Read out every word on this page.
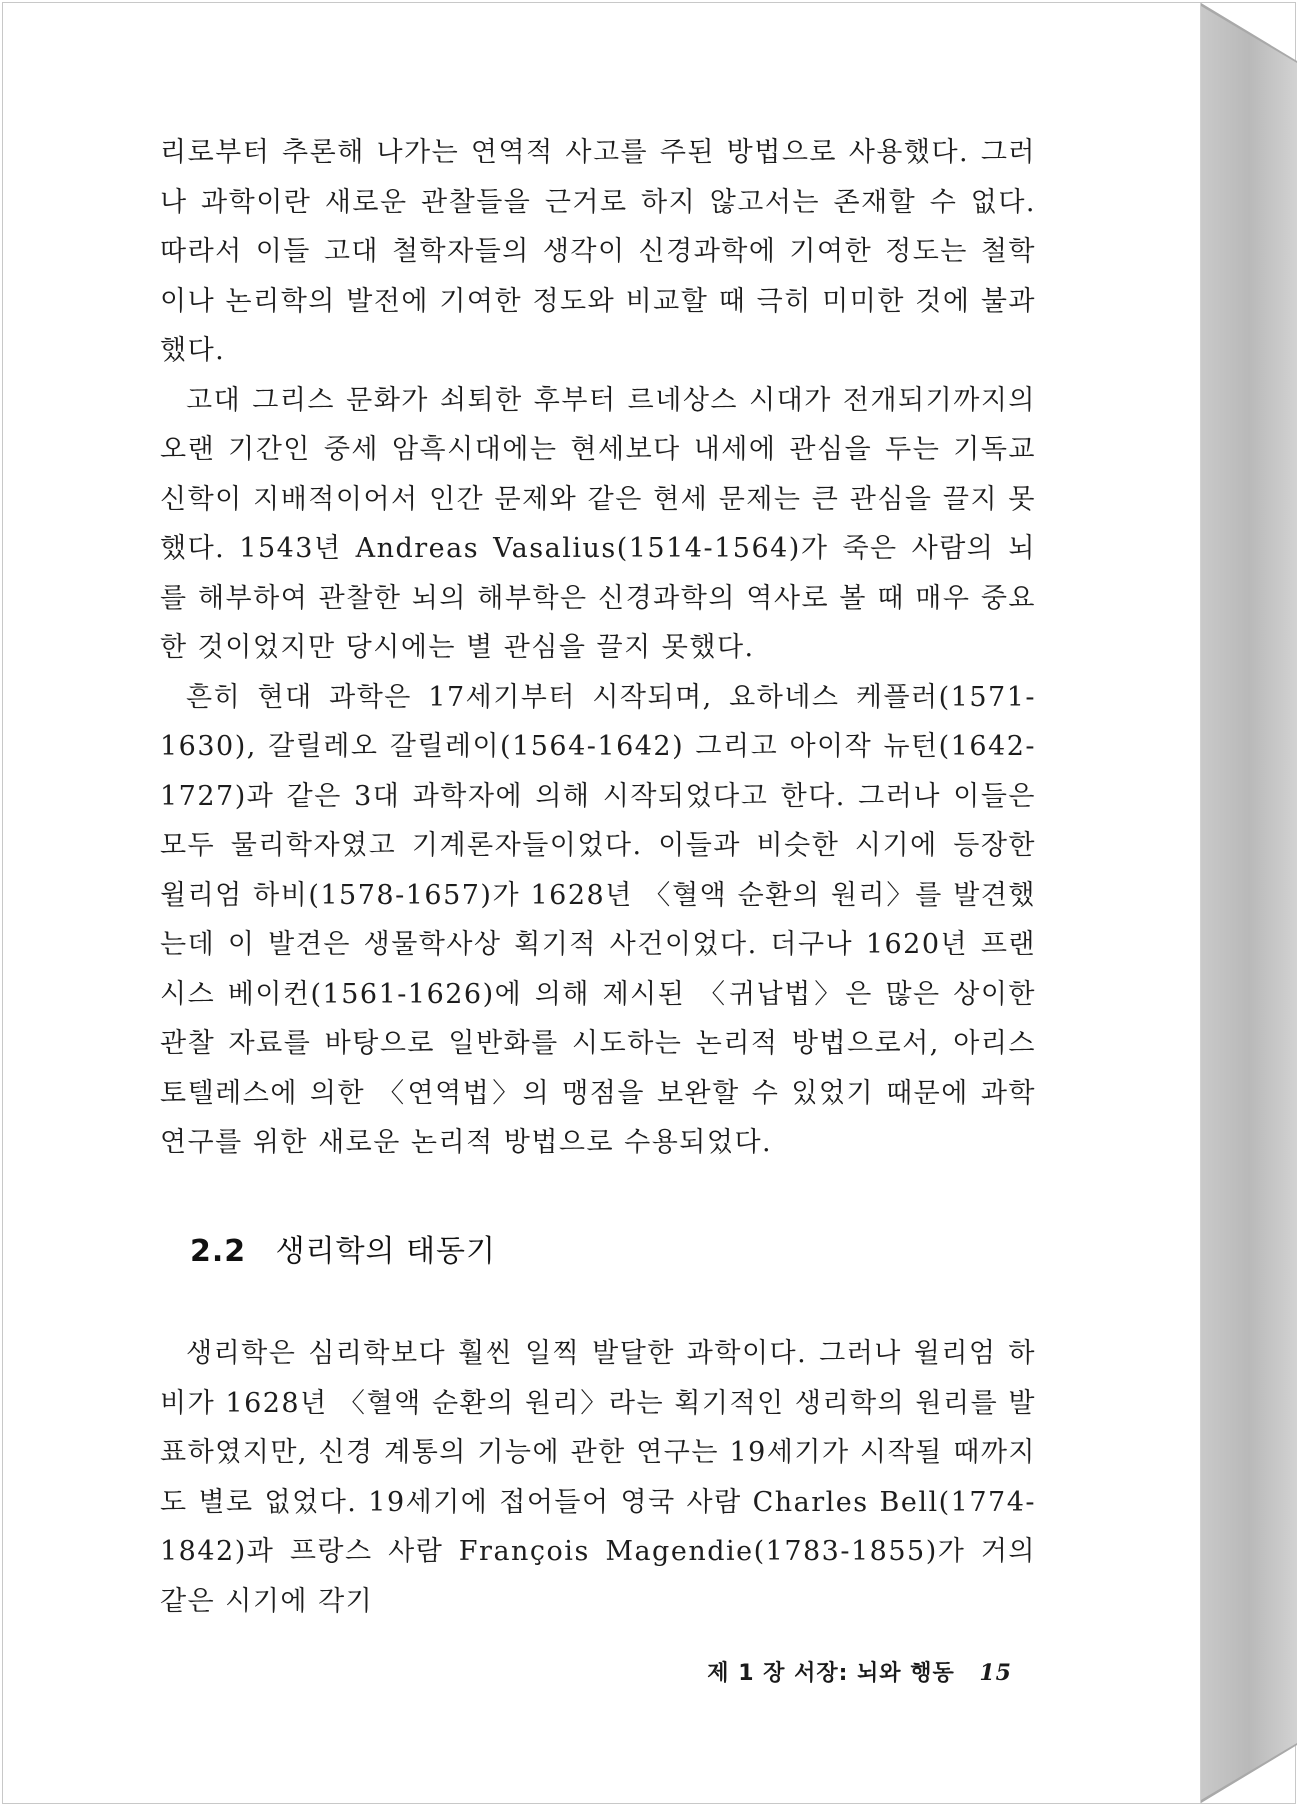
리로부터 추론해 나가는 연역적 사고를 주된 방법으로 사용했다. 그러나 과학이란 새로운 관찰들을 근거로 하지 않고서는 존재할 수 없다. 따라서 이들 고대 철학자들의 생각이 신경과학에 기여한 정도는 철학이나 논리학의 발전에 기여한 정도와 비교할 때 극히 미미한 것에 불과했다.

고대 그리스 문화가 쇠퇴한 후부터 르네상스 시대가 전개되기까지의 오랜 기간인 중세 암흑시대에는 현세보다 내세에 관심을 두는 기독교 신학이 지배적이어서 인간 문제와 같은 현세 문제는 큰 관심을 끌지 못했다. 1543년 Andreas Vasalius(1514-1564)가 죽은 사람의 뇌를 해부하여 관찰한 뇌의 해부학은 신경과학의 역사로 볼 때 매우 중요한 것이었지만 당시에는 별 관심을 끌지 못했다.

흔히 현대 과학은 17세기부터 시작되며, 요하네스 케플러(1571-1630), 갈릴레오 갈릴레이(1564-1642) 그리고 아이작 뉴턴(1642-1727)과 같은 3대 과학자에 의해 시작되었다고 한다. 그러나 이들은 모두 물리학자였고 기계론자들이었다. 이들과 비슷한 시기에 등장한 윌리엄 하비(1578-1657)가 1628년 〈혈액 순환의 원리〉를 발견했는데 이 발견은 생물학사상 획기적 사건이었다. 더구나 1620년 프랜시스 베이컨(1561-1626)에 의해 제시된 〈귀납법〉은 많은 상이한 관찰 자료를 바탕으로 일반화를 시도하는 논리적 방법으로서, 아리스토텔레스에 의한 〈연역법〉의 맹점을 보완할 수 있었기 때문에 과학 연구를 위한 새로운 논리적 방법으로 수용되었다.

2.2 생리학의 태동기

생리학은 심리학보다 훨씬 일찍 발달한 과학이다. 그러나 윌리엄 하비가 1628년 〈혈액 순환의 원리〉라는 획기적인 생리학의 원리를 발표하였지만, 신경 계통의 기능에 관한 연구는 19세기가 시작될 때까지도 별로 없었다. 19세기에 접어들어 영국 사람 Charles Bell(1774-1842)과 프랑스 사람 François Magendie(1783-1855)가 거의 같은 시기에 각기

제 1 장 서장: 뇌와 행동 15
